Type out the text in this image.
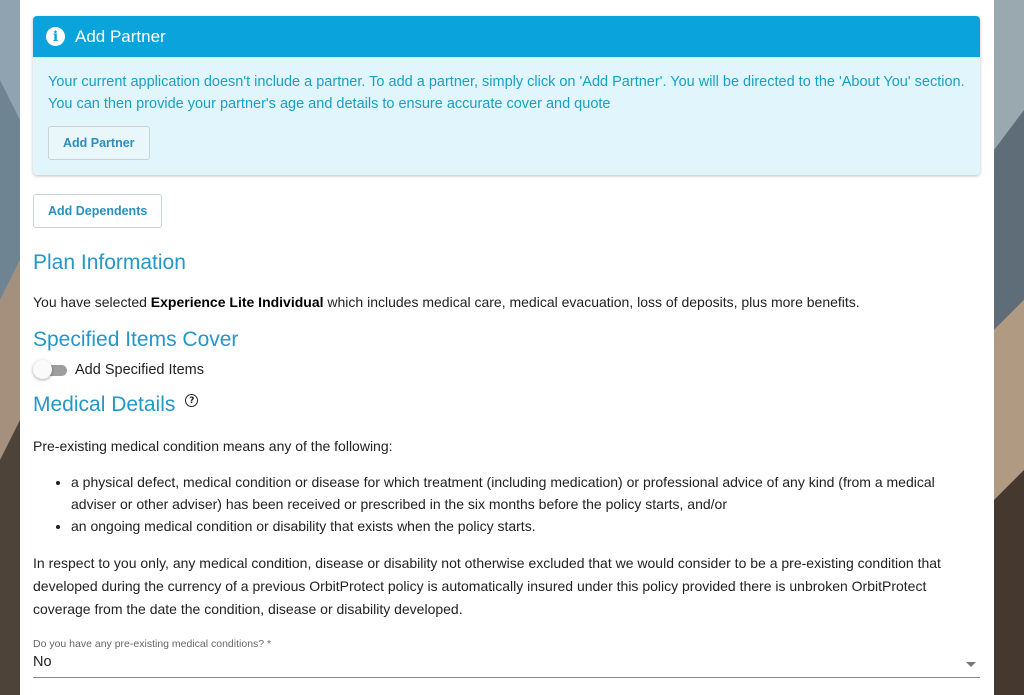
i Add Partner
Your current application doesn't include a partner. To add a partner, simply click on 'Add Partner'. You will be directed to the 'About You' section. You can then provide your partner's age and details to ensure accurate cover and quote
Add Partner
Add Dependents
Plan Information

You have selected Experience Lite Individual which includes medical care, medical evacuation, loss of deposits, plus more benefits.

Specified Items Cover
Add Specified Items
Medical Details	?

Pre-existing medical condition means any of the following:

• a physical defect, medical condition or disease for which treatment (including medication) or professional advice of any kind (from a medical adviser or other adviser) has been received or prescribed in the six months before the policy starts, and/or
• an ongoing medical condition or disability that exists when the policy starts.

In respect to you only, any medical condition, disease or disability not otherwise excluded that we would consider to be a pre-existing condition that developed during the currency of a previous OrbitProtect policy is automatically insured under this policy provided there is unbroken OrbitProtect coverage from the date the condition, disease or disability developed.

Do you have any pre-existing medical conditions? *
No
